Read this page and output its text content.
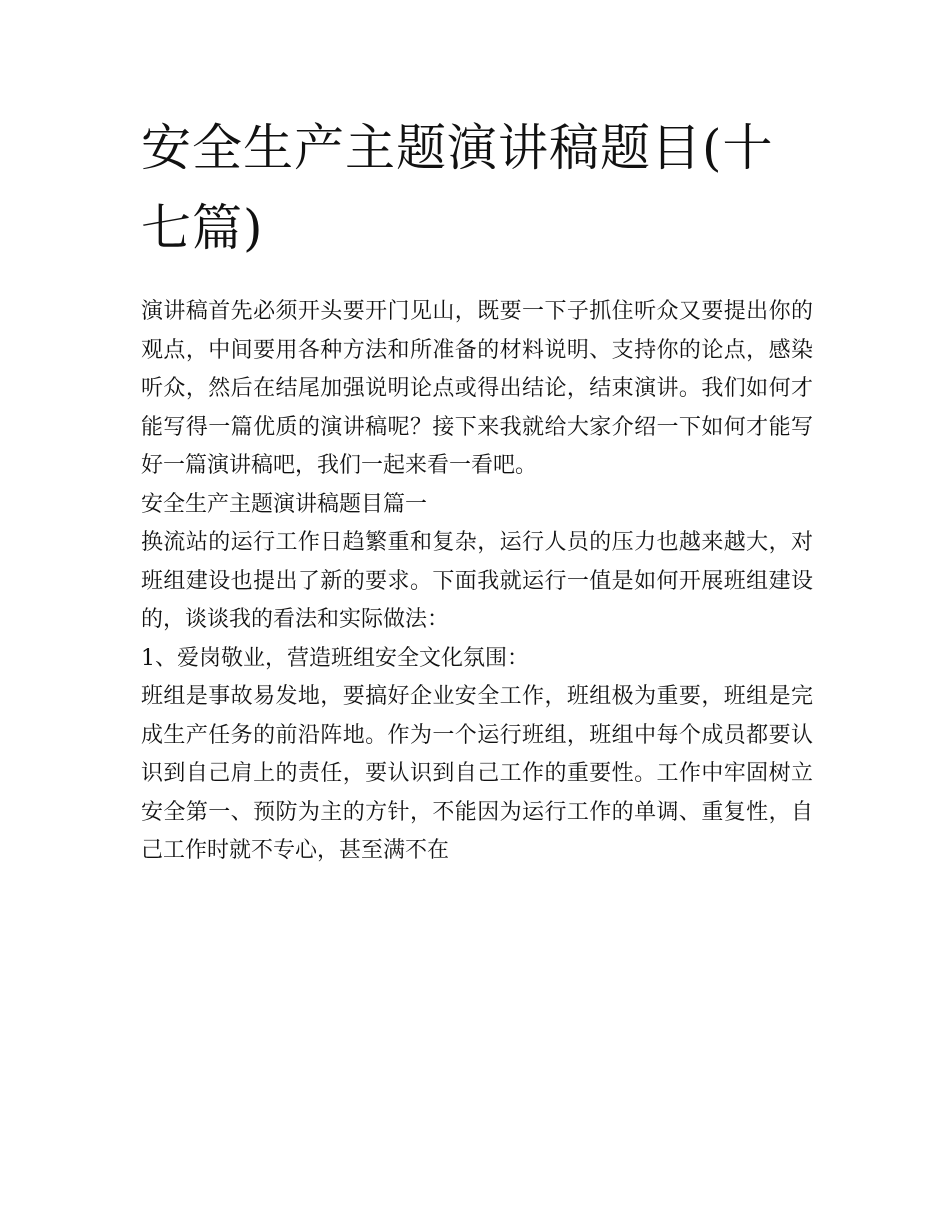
安全生产主题演讲稿题目(十七篇)

演讲稿首先必须开头要开门见山，既要一下子抓住听众又要提出你的观点，中间要用各种方法和所准备的材料说明、支持你的论点，感染听众，然后在结尾加强说明论点或得出结论，结束演讲。我们如何才能写得一篇优质的演讲稿呢？接下来我就给大家介绍一下如何才能写好一篇演讲稿吧，我们一起来看一看吧。

安全生产主题演讲稿题目篇一

换流站的运行工作日趋繁重和复杂，运行人员的压力也越来越大，对班组建设也提出了新的要求。下面我就运行一值是如何开展班组建设的，谈谈我的看法和实际做法：

1、爱岗敬业，营造班组安全文化氛围：

班组是事故易发地，要搞好企业安全工作，班组极为重要，班组是完成生产任务的前沿阵地。作为一个运行班组，班组中每个成员都要认识到自己肩上的责任，要认识到自己工作的重要性。工作中牢固树立安全第一、预防为主的方针，不能因为运行工作的单调、重复性，自己工作时就不专心，甚至满不在
